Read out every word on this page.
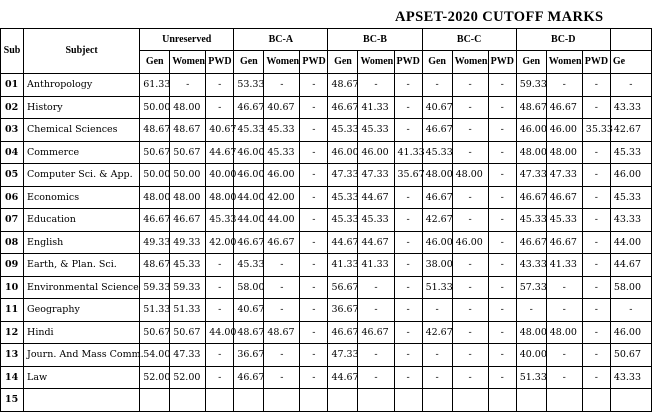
APSET-2020 CUTOFF MARKS
Sub	Subject	Unreserved			BC-A			BC-B			BC-C			BC-D			
		Gen	Women	PWD	Gen	Women	PWD	Gen	Women	PWD	Gen	Women	PWD	Gen	Women	PWD	Ge
01	Anthropology	61.33	-	-	53.33	-	-	48.67	-	-	-	-	-	59.33	-	-	-
02	History	50.00	48.00	-	46.67	40.67	-	46.67	41.33	-	40.67	-	-	48.67	46.67	-	43.33
03	Chemical Sciences	48.67	48.67	40.67	45.33	45.33	-	45.33	45.33	-	46.67	-	-	46.00	46.00	35.33	42.67
04	Commerce	50.67	50.67	44.67	46.00	45.33	-	46.00	46.00	41.33	45.33	-	-	48.00	48.00	-	45.33
05	Computer Sci. & App.	50.00	50.00	40.00	46.00	46.00	-	47.33	47.33	35.67	48.00	48.00	-	47.33	47.33	-	46.00
06	Economics	48.00	48.00	48.00	44.00	42.00	-	45.33	44.67	-	46.67	-	-	46.67	46.67	-	45.33
07	Education	46.67	46.67	45.33	44.00	44.00	-	45.33	45.33	-	42.67	-	-	45.33	45.33	-	43.33
08	English	49.33	49.33	42.00	46.67	46.67	-	44.67	44.67	-	46.00	46.00	-	46.67	46.67	-	44.00
09	Earth, & Plan. Sci.	48.67	45.33	-	45.33	-	-	41.33	41.33	-	38.00	-	-	43.33	41.33	-	44.67
10	Environmental Science	59.33	59.33	-	58.00	-	-	56.67	-	-	51.33	-	-	57.33	-	-	58.00
11	Geography	51.33	51.33	-	40.67	-	-	36.67	-	-	-	-	-	-	-	-	-
12	Hindi	50.67	50.67	44.00	48.67	48.67	-	46.67	46.67	-	42.67	-	-	48.00	48.00	-	46.00
13	Journ. And Mass Comm.	54.00	47.33	-	36.67	-	-	47.33	-	-	-	-	-	40.00	-	-	50.67
14	Law	52.00	52.00	-	46.67	-	-	44.67	-	-	-	-	-	51.33	-	-	43.33
15																	
